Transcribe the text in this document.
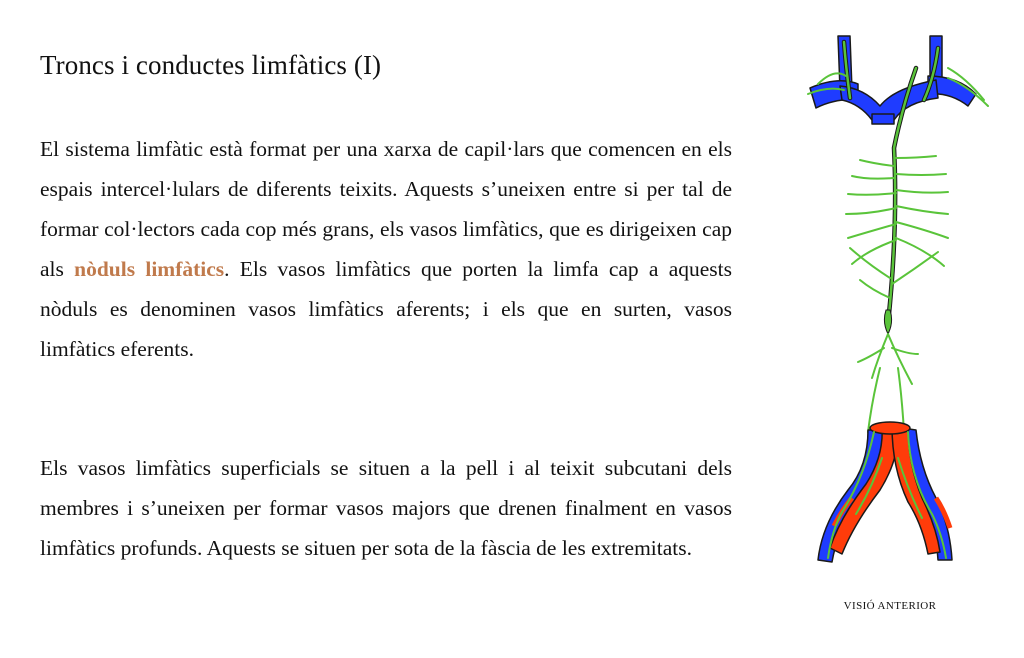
Troncs i conductes limfàtics (I)

El sistema limfàtic està format per una xarxa de capil·lars que comencen en els espais intercel·lulars de diferents teixits. Aquests s’uneixen entre si per tal de formar col·lectors cada cop més grans, els vasos limfàtics, que es dirigeixen cap als nòduls limfàtics. Els vasos limfàtics que porten la limfa cap a aquests nòduls es denominen vasos limfàtics aferents; i els que en surten, vasos limfàtics eferents.

Els vasos limfàtics superficials se situen a la pell i al teixit subcutani dels membres i s’uneixen per formar vasos majors que drenen finalment en vasos limfàtics profunds. Aquests se situen per sota de la fàscia de les extremitats.

VISIÓ ANTERIOR
